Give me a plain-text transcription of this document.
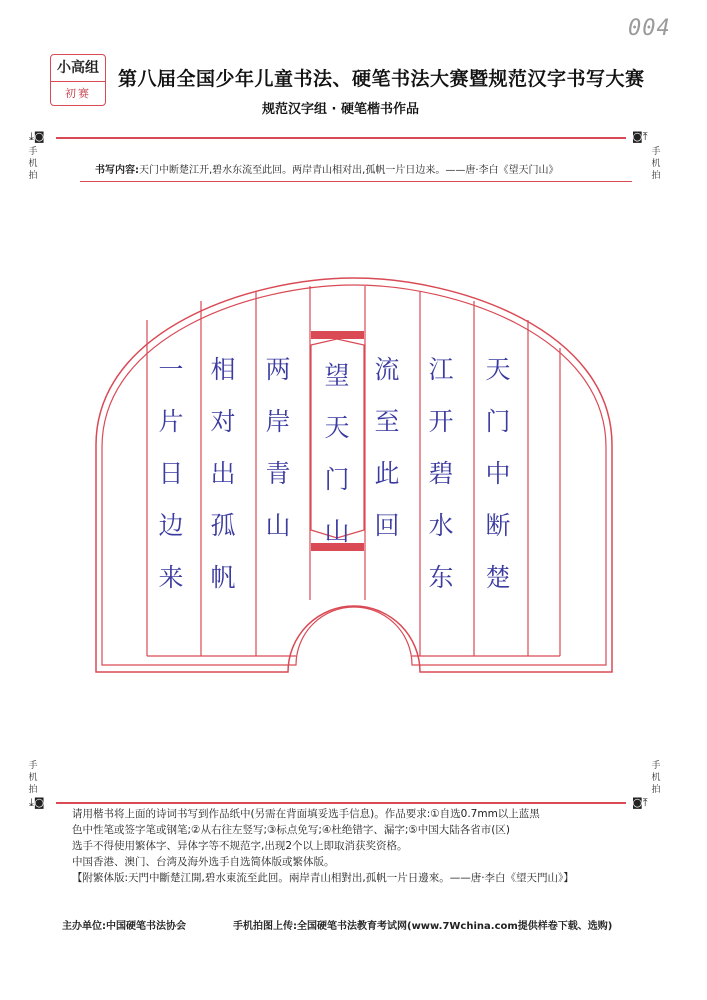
004
小高组
初赛
第八届全国少年儿童书法、硬笔书法大赛暨规范汉字书写大赛
规范汉字组 · 硬笔楷书作品
⤓◙	◙⤒
手机拍
手机拍
书写内容:天门中断楚江开,碧水东流至此回。两岸青山相对出,孤帆一片日边来。——唐·李白《望天门山》
天
门
中
断
楚
江
开
碧
水
东
流
至
此
回
望
天
门
山
两
岸
青
山
相
对
出
孤
帆
一
片
日
边
来
手机拍
手机拍
⤓◙	◙⤒

请用楷书将上面的诗词书写到作品纸中(另需在背面填妥选手信息)。作品要求:①自选0.7mm以上蓝黑

色中性笔或签字笔或钢笔;②从右往左竖写;③标点免写;④杜绝错字、漏字;⑤中国大陆各省市(区)

选手不得使用繁体字、异体字等不规范字,出现2个以上即取消获奖资格。

中国香港、澳门、台湾及海外选手自选简体版或繁体版。

【附繁体版:天門中斷楚江開,碧水東流至此回。兩岸青山相對出,孤帆一片日邊來。——唐·李白《望天門山》】

主办单位:中国硬笔书法协会	手机拍图上传:全国硬笔书法教育考试网(www.7Wchina.com提供样卷下载、选购)
